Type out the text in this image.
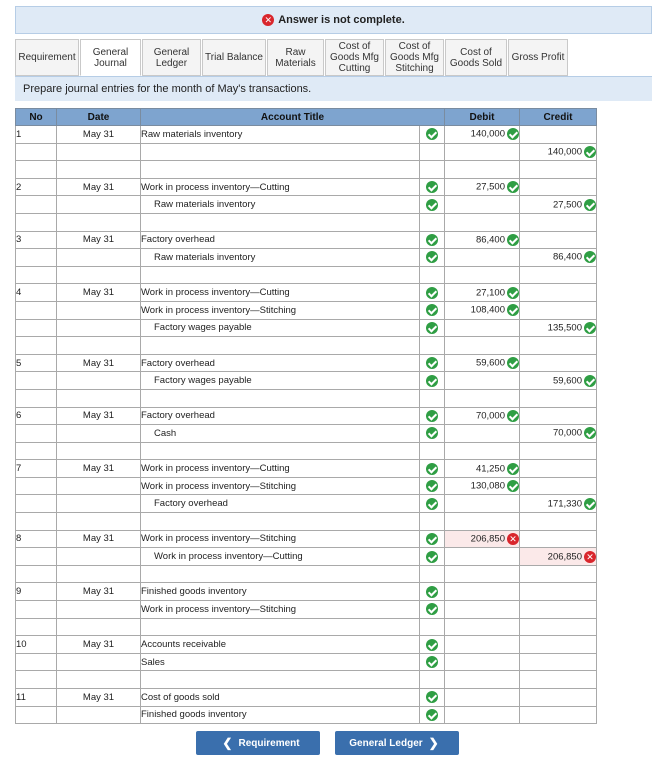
✕ Answer is not complete.
Requirement	General Journal
General Ledger	Trial Balance	Raw Materials
Cost of Goods Mfg Cutting
Cost of Goods Mfg Stitching
Cost of Goods Sold Gross Profit
Prepare journal entries for the month of May's transactions.
No	Date	Account Title		Debit	Credit
1	May 31	Raw materials inventory		140,000	
					140,000

2	May 31	Work in process inventory—Cutting		27,500	
		Raw materials inventory			27,500

3	May 31	Factory overhead		86,400	
		Raw materials inventory			86,400

4	May 31	Work in process inventory—Cutting		27,100	
		Work in process inventory—Stitching		108,400	
		Factory wages payable			135,500

5	May 31	Factory overhead		59,600	
		Factory wages payable			59,600

6	May 31	Factory overhead		70,000	
		Cash			70,000

7	May 31	Work in process inventory—Cutting		41,250	
		Work in process inventory—Stitching		130,080	
		Factory overhead			171,330

8	May 31	Work in process inventory—Stitching		206,850 ✕	
		Work in process inventory—Cutting			206,850 ✕

9	May 31	Finished goods inventory			
		Work in process inventory—Stitching			

10	May 31	Accounts receivable			
		Sales			

11	May 31	Cost of goods sold			
		Finished goods inventory			
❮ Requirement	General Ledger ❯
